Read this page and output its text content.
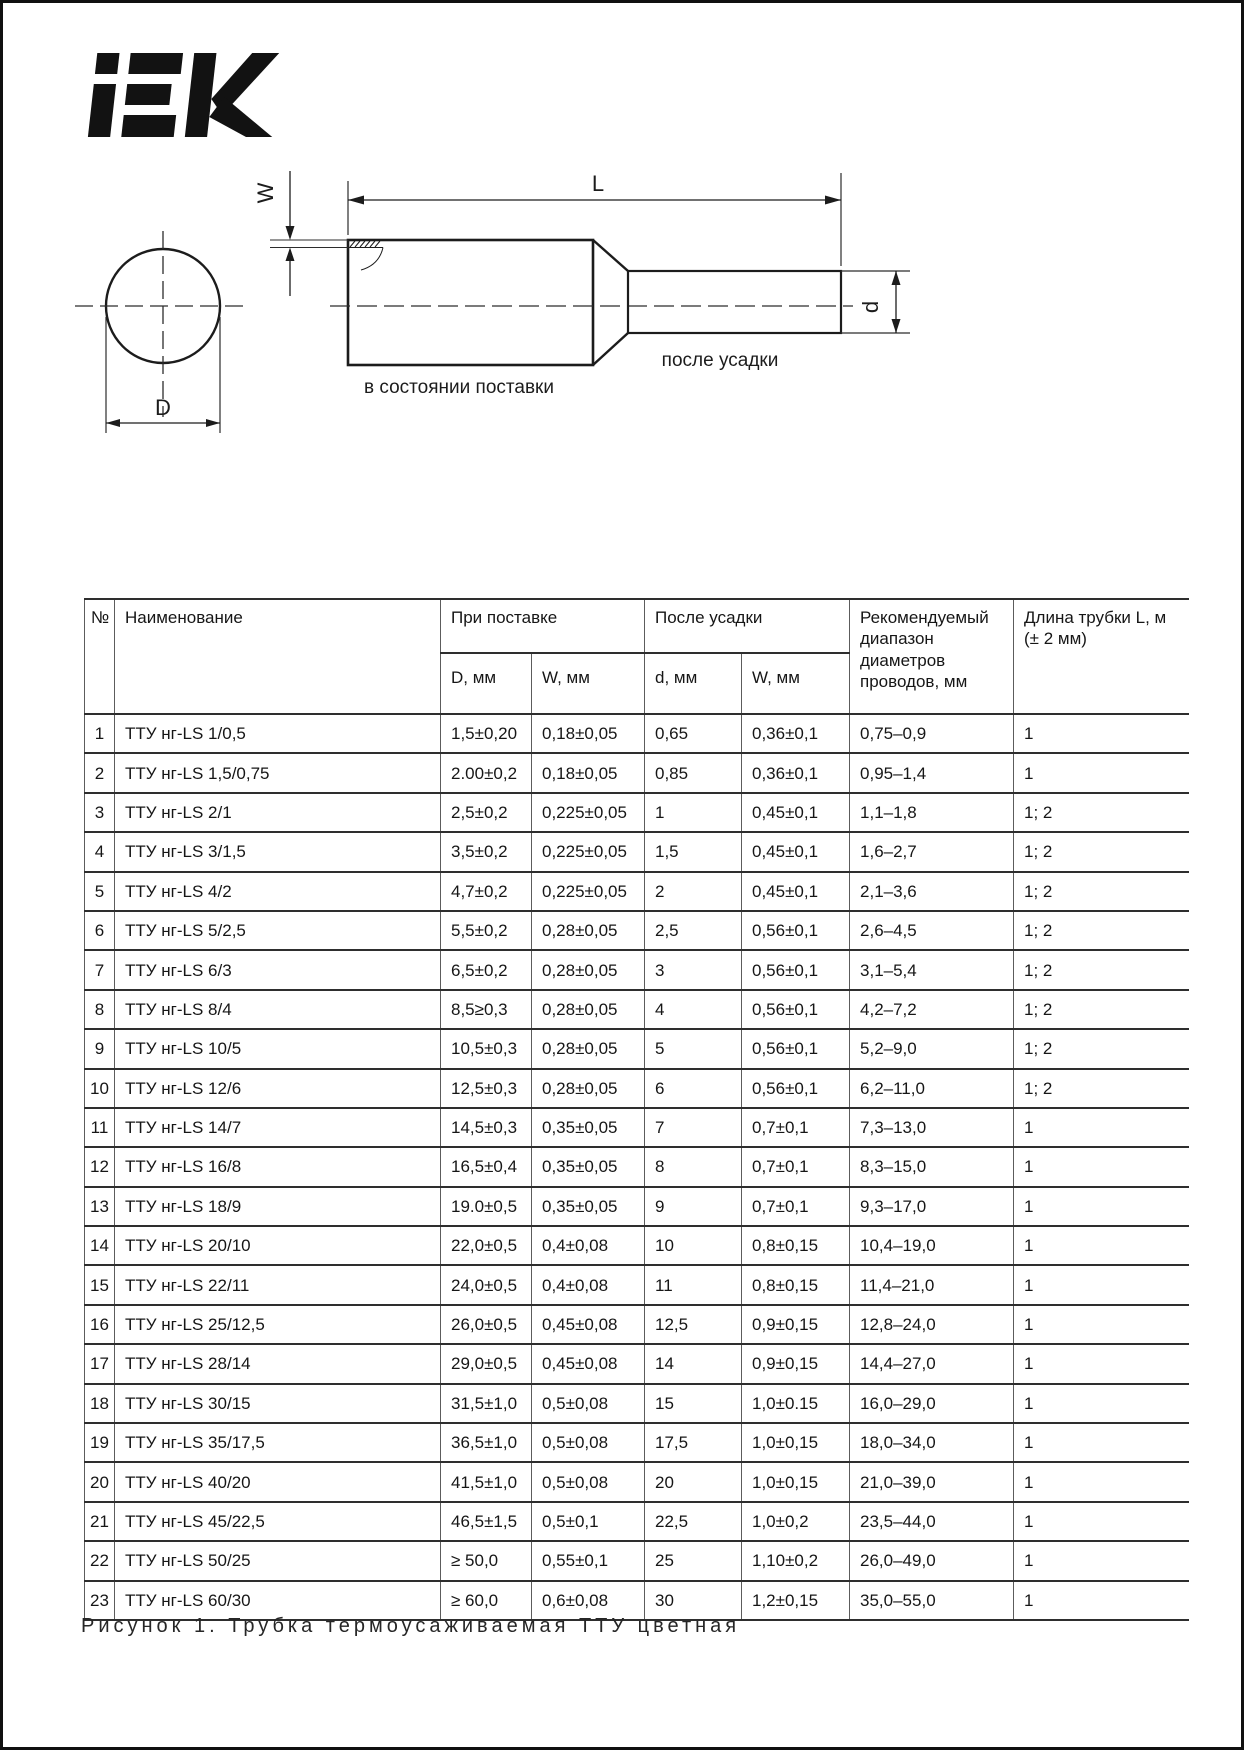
D
L
W
d
после усадки
в состоянии поставки
№	Наименование	При поставке		После усадки		Рекомендуемый диапазон диаметров проводов, мм	Длина трубки L, м (± 2 мм)
		D, мм	W, мм	d, мм	W, мм		
1	ТТУ нг-LS 1/0,5	1,5±0,20	0,18±0,05	0,65	0,36±0,1	0,75–0,9	1
2	ТТУ нг-LS 1,5/0,75	2.00±0,2	0,18±0,05	0,85	0,36±0,1	0,95–1,4	1
3	ТТУ нг-LS 2/1	2,5±0,2	0,225±0,05	1	0,45±0,1	1,1–1,8	1; 2
4	ТТУ нг-LS 3/1,5	3,5±0,2	0,225±0,05	1,5	0,45±0,1	1,6–2,7	1; 2
5	ТТУ нг-LS 4/2	4,7±0,2	0,225±0,05	2	0,45±0,1	2,1–3,6	1; 2
6	ТТУ нг-LS 5/2,5	5,5±0,2	0,28±0,05	2,5	0,56±0,1	2,6–4,5	1; 2
7	ТТУ нг-LS 6/3	6,5±0,2	0,28±0,05	3	0,56±0,1	3,1–5,4	1; 2
8	ТТУ нг-LS 8/4	8,5≥0,3	0,28±0,05	4	0,56±0,1	4,2–7,2	1; 2
9	ТТУ нг-LS 10/5	10,5±0,3	0,28±0,05	5	0,56±0,1	5,2–9,0	1; 2
10	ТТУ нг-LS 12/6	12,5±0,3	0,28±0,05	6	0,56±0,1	6,2–11,0	1; 2
11	ТТУ нг-LS 14/7	14,5±0,3	0,35±0,05	7	0,7±0,1	7,3–13,0	1
12	ТТУ нг-LS 16/8	16,5±0,4	0,35±0,05	8	0,7±0,1	8,3–15,0	1
13	ТТУ нг-LS 18/9	19.0±0,5	0,35±0,05	9	0,7±0,1	9,3–17,0	1
14	ТТУ нг-LS 20/10	22,0±0,5	0,4±0,08	10	0,8±0,15	10,4–19,0	1
15	ТТУ нг-LS 22/11	24,0±0,5	0,4±0,08	11	0,8±0,15	11,4–21,0	1
16	ТТУ нг-LS 25/12,5	26,0±0,5	0,45±0,08	12,5	0,9±0,15	12,8–24,0	1
17	ТТУ нг-LS 28/14	29,0±0,5	0,45±0,08	14	0,9±0,15	14,4–27,0	1
18	ТТУ нг-LS 30/15	31,5±1,0	0,5±0,08	15	1,0±0.15	16,0–29,0	1
19	ТТУ нг-LS 35/17,5	36,5±1,0	0,5±0,08	17,5	1,0±0,15	18,0–34,0	1
20	ТТУ нг-LS 40/20	41,5±1,0	0,5±0,08	20	1,0±0,15	21,0–39,0	1
21	ТТУ нг-LS 45/22,5	46,5±1,5	0,5±0,1	22,5	1,0±0,2	23,5–44,0	1
22	ТТУ нг-LS 50/25	≥ 50,0	0,55±0,1	25	1,10±0,2	26,0–49,0	1
23	ТТУ нг-LS 60/30	≥ 60,0	0,6±0,08	30	1,2±0,15	35,0–55,0	1
Рисунок 1. Трубка термоусаживаемая ТТУ цветная
